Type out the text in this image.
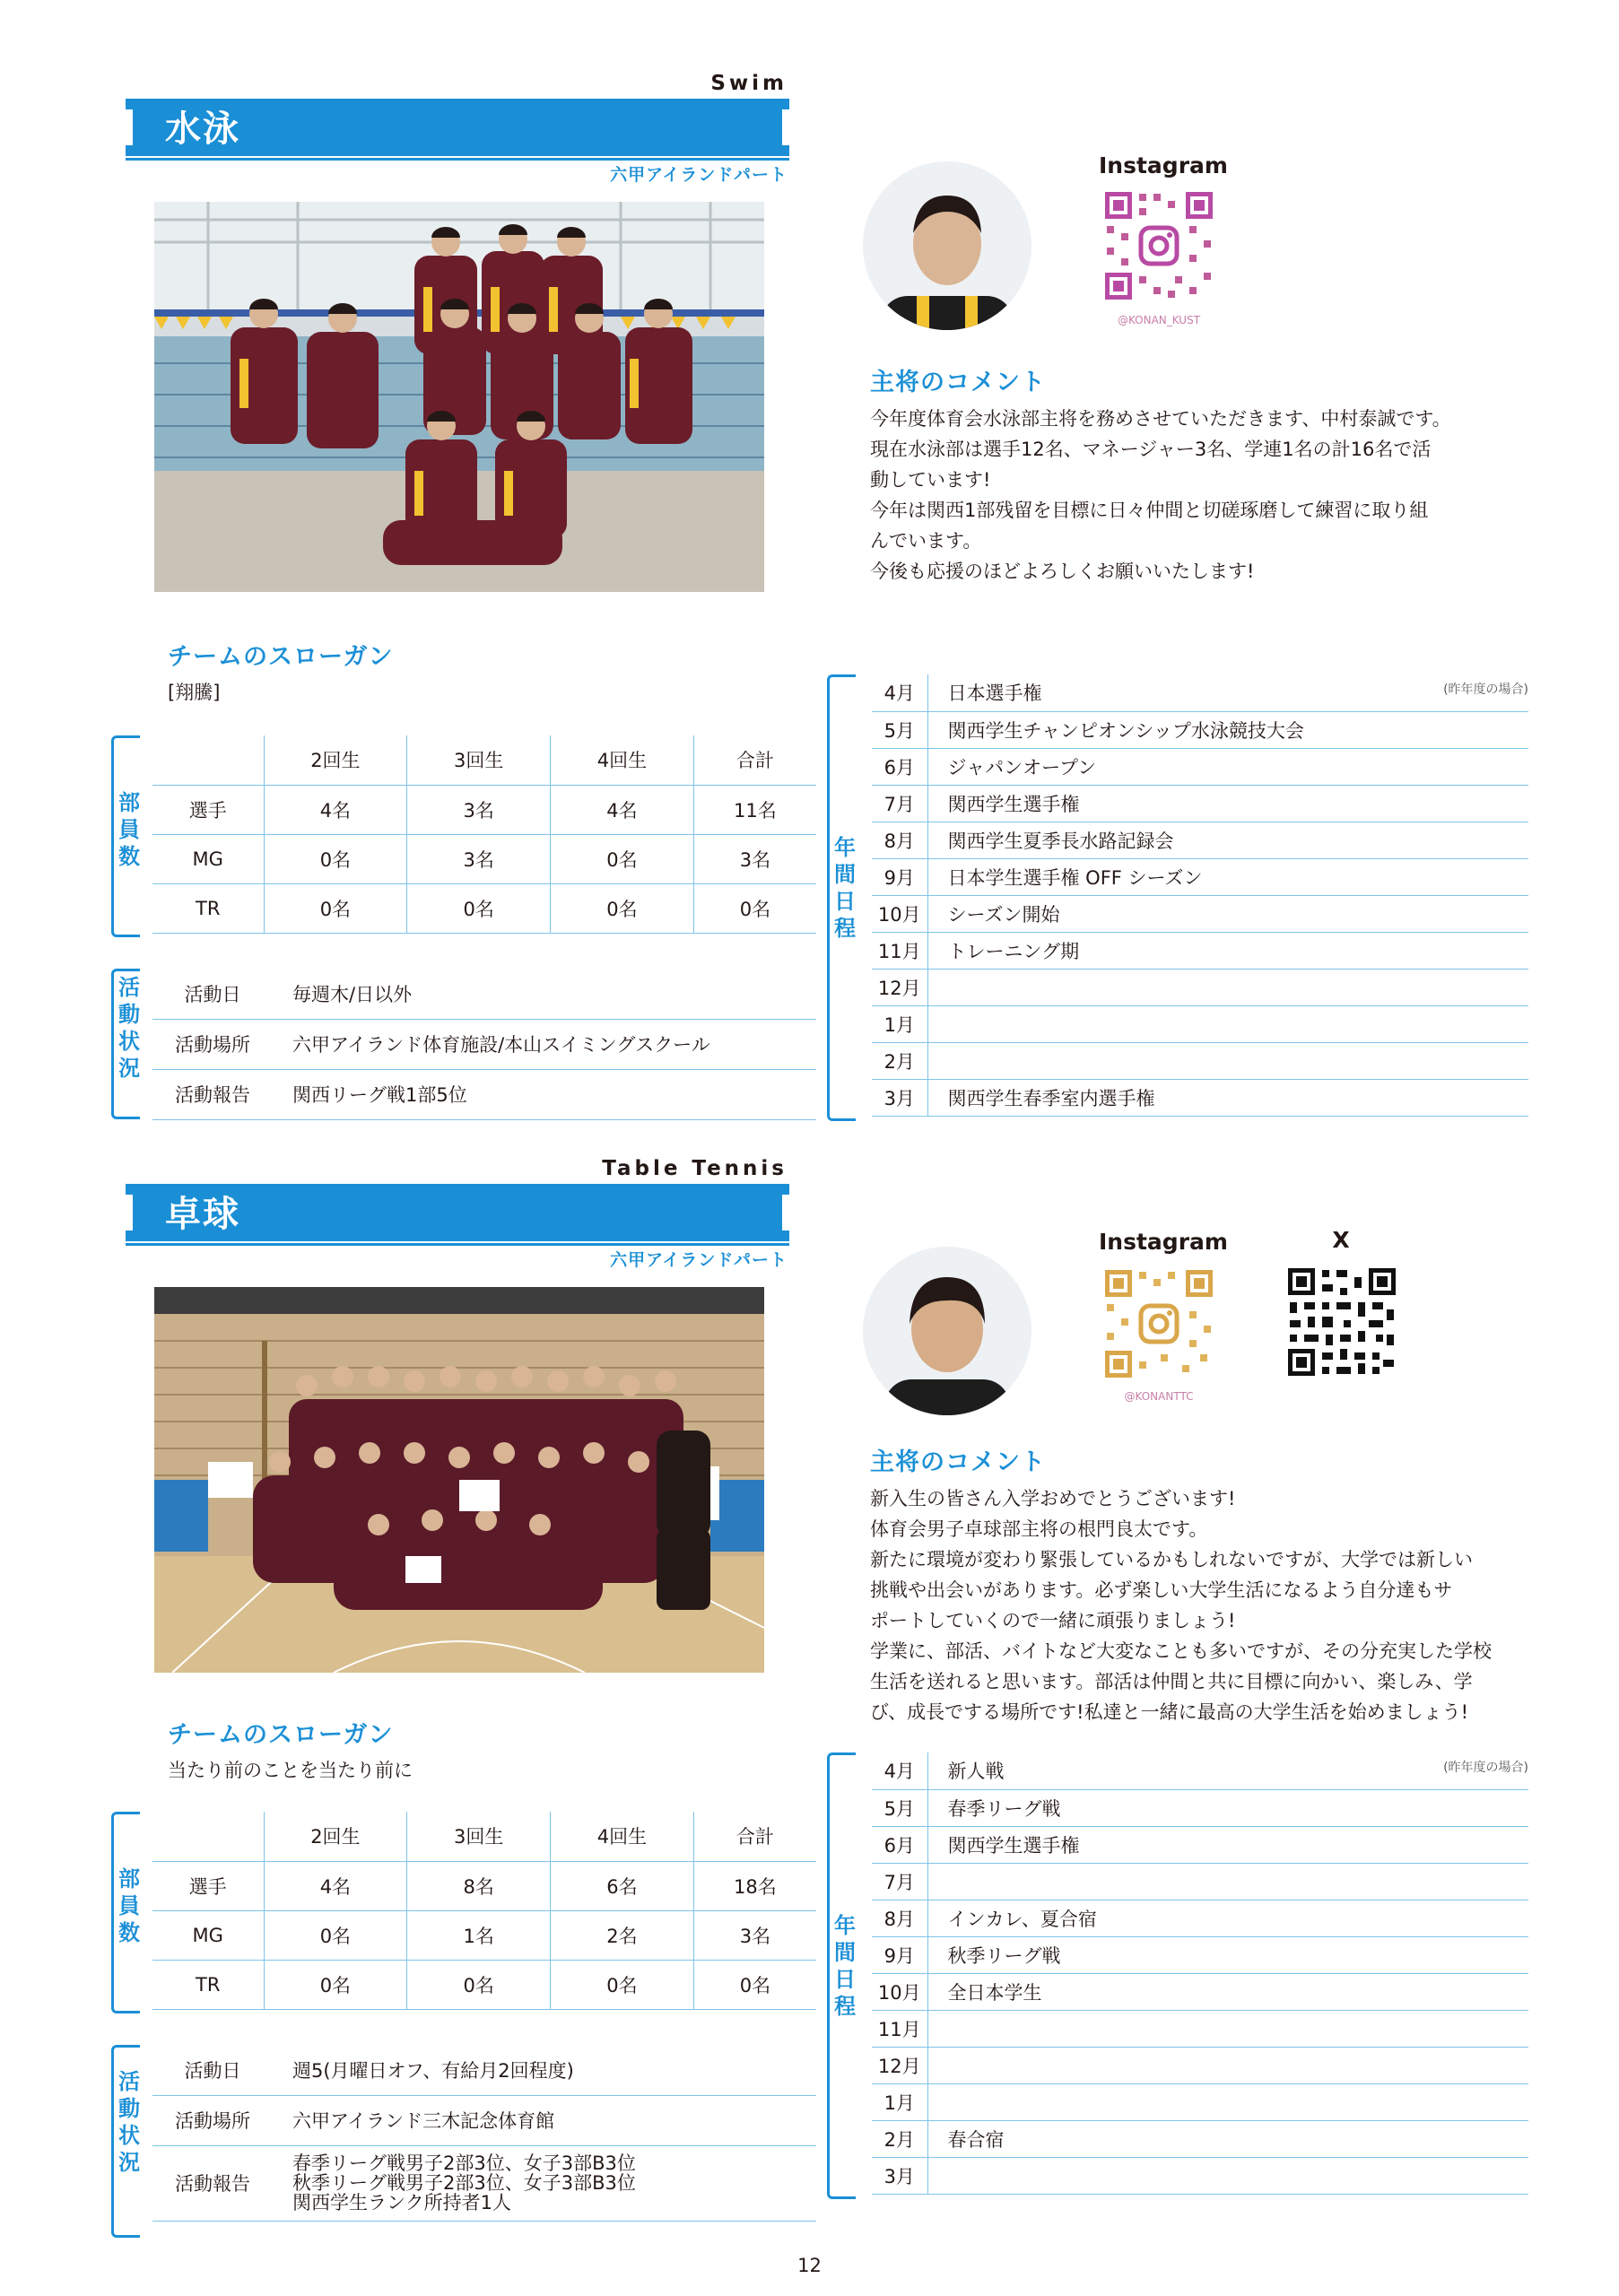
Swim
水泳
六甲アイランドパート	Instagram
@KONAN_KUST
主将のコメント

今年度体育会水泳部主将を務めさせていただきます、中村泰誠です。

現在水泳部は選手12名、マネージャー3名、学連1名の計16名で活

動しています!

今年は関西1部残留を目標に日々仲間と切磋琢磨して練習に取り組

んでいます。

今後も応援のほどよろしくお願いいたします!

チームのスローガン
[翔騰]
部
員
数
	2回生	3回生	4回生	合計
選手	4名	3名	4名	11名
MG	0名	3名	0名	3名
TR	0名	0名	0名	0名
活
動
状
況
活動日	毎週木/日以外
活動場所	六甲アイランド体育施設/本山スイミングスクール
活動報告	関西リーグ戦1部5位
年
間
日
程
(昨年度の場合)
4月	日本選手権
5月	関西学生チャンピオンシップ水泳競技大会
6月	ジャパンオープン
7月	関西学生選手権
8月	関西学生夏季長水路記録会
9月	日本学生選手権 OFF シーズン
10月	シーズン開始
11月	トレーニング期
12月	
1月	
2月	
3月	関西学生春季室内選手権
Table Tennis
卓球
六甲アイランドパート
Instagram
@KONANTTC
X
主将のコメント

新入生の皆さん入学おめでとうございます!

体育会男子卓球部主将の根門良太です。

新たに環境が変わり緊張しているかもしれないですが、大学では新しい

挑戦や出会いがあります。必ず楽しい大学生活になるよう自分達もサ

ポートしていくので一緒に頑張りましょう!

学業に、部活、バイトなど大変なことも多いですが、その分充実した学校

生活を送れると思います。部活は仲間と共に目標に向かい、楽しみ、学

び、成長でする場所です!私達と一緒に最高の大学生活を始めましょう!

チームのスローガン
当たり前のことを当たり前に
部
員
数
	2回生	3回生	4回生	合計
選手	4名	8名	6名	18名
MG	0名	1名	2名	3名
TR	0名	0名	0名	0名
活
動
状
況
活動日	週5(月曜日オフ、有給月2回程度)
活動場所	六甲アイランド三木記念体育館
活動報告	春季リーグ戦男子2部3位、女子3部B3位
秋季リーグ戦男子2部3位、女子3部B3位
関西学生ランク所持者1人
年
間
日
程
(昨年度の場合)
4月	新人戦
5月	春季リーグ戦
6月	関西学生選手権
7月	
8月	インカレ、夏合宿
9月	秋季リーグ戦
10月	全日本学生
11月	
12月	
1月	
2月	春合宿
3月	
12
